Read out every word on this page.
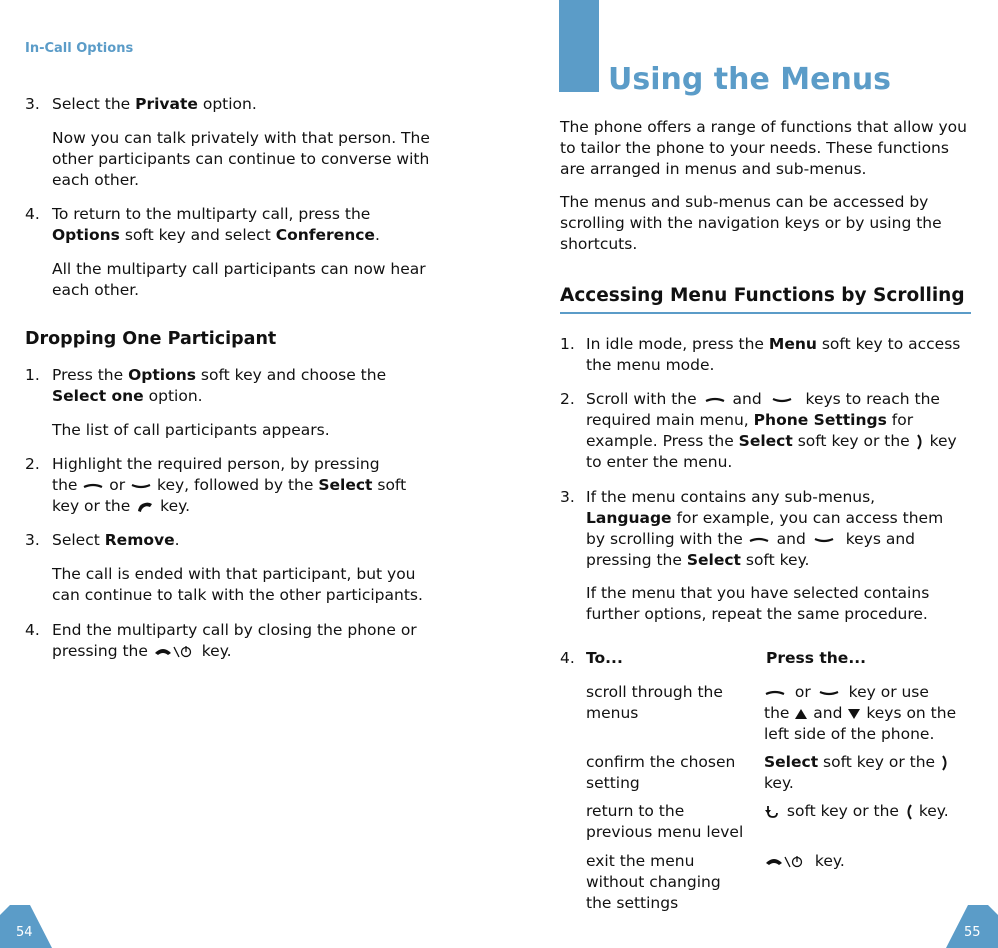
In-Call Options
3. Select the Private option.
Now you can talk privately with that person. The
other participants can continue to converse with
each other.
4. To return to the multiparty call, press the
Options soft key and select Conference.
All the multiparty call participants can now hear
each other.
Dropping One Participant
1. Press the Options soft key and choose the
Select one option.
The list of call participants appears.
2. Highlight the required person, by pressing
the  or  key, followed by the Select soft
key or the  key.
3. Select Remove.
The call is ended with that participant, but you
can continue to talk with the other participants.
4. End the multiparty call by closing the phone or
pressing the	key.
54
Using the Menus
The phone offers a range of functions that allow you
to tailor the phone to your needs. These functions
are arranged in menus and sub-menus.
The menus and sub-menus can be accessed by
scrolling with the navigation keys or by using the
shortcuts.
Accessing Menu Functions by Scrolling
1. In idle mode, press the Menu soft key to access
the menu mode.
2. Scroll with the  and  keys to reach the
required main menu, Phone Settings for
example. Press the Select soft key or the  key
to enter the menu.
3. If the menu contains any sub-menus,
Language for example, you can access them
by scrolling with the  and  keys and
pressing the Select soft key.
If the menu that you have selected contains
further options, repeat the same procedure.
4. To...	Press the...
scroll through the
menus
or  key or use
the  and  keys on the
left side of the phone.
confirm the chosen
setting
Select soft key or the
key.
return to the
previous menu level
soft key or the  key.
exit the menu
without changing
the settings
key.
55
